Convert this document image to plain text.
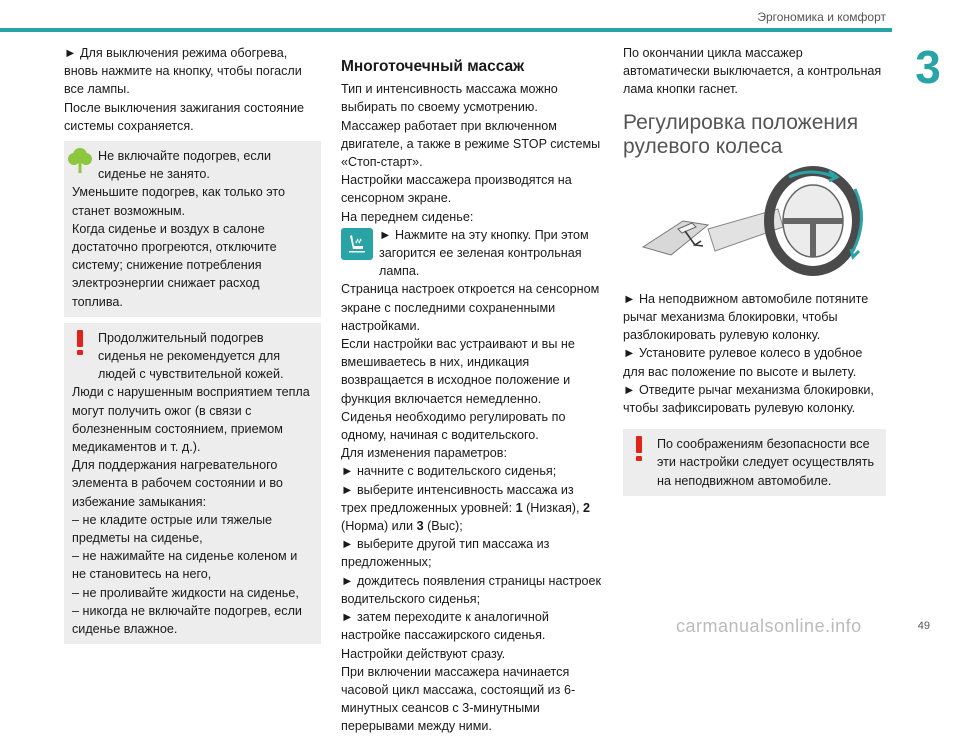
Эргономика и комфорт
3

► Для выключения режима обогрева, вновь нажмите на кнопку, чтобы погасли все лампы.

После выключения зажигания состояние системы сохраняется.

Не включайте подогрев, если сиденье не занято.

Уменьшите подогрев, как только это станет возможным.

Когда сиденье и воздух в салоне достаточно прогреются, отключите систему; снижение потребления электроэнергии снижает расход топлива.

Продолжительный подогрев сиденья не рекомендуется для людей с чувствительной кожей.

Люди с нарушенным восприятием тепла могут получить ожог (в связи с болезненным состоянием, приемом медикаментов и т. д.).

Для поддержания нагревательного элемента в рабочем состоянии и во избежание замыкания:

– не кладите острые или тяжелые предметы на сиденье,

– не нажимайте на сиденье коленом и не становитесь на него,

– не проливайте жидкости на сиденье,

– никогда не включайте подогрев, если сиденье влажное.

Многоточечный массаж

Тип и интенсивность массажа можно выбирать по своему усмотрению.

Массажер работает при включенном двигателе, а также в режиме STOP системы «Стоп-старт».

Настройки массажера производятся на сенсорном экране.

На переднем сиденье:

► Нажмите на эту кнопку. При этом загорится ее зеленая контрольная лампа.

Страница настроек откроется на сенсорном экране с последними сохраненными настройками.

Если настройки вас устраивают и вы не вмешиваетесь в них, индикация возвращается в исходное положение и функция включается немедленно.

Сиденья необходимо регулировать по одному, начиная с водительского.

Для изменения параметров:

► начните с водительского сиденья;

► выберите интенсивность массажа из трех предложенных уровней: 1 (Низкая), 2 (Норма) или 3 (Выс);

► выберите другой тип массажа из предложенных;

► дождитесь появления страницы настроек водительского сиденья;

► затем переходите к аналогичной настройке пассажирского сиденья.

Настройки действуют сразу.

При включении массажера начинается часовой цикл массажа, состоящий из 6-минутных сеансов с 3-минутными перерывами между ними.

По окончании цикла массажер автоматически выключается, а контрольная лама кнопки гаснет.

Регулировка положения рулевого колеса

► На неподвижном автомобиле потяните рычаг механизма блокировки, чтобы разблокировать рулевую колонку.

► Установите рулевое колесо в удобное для вас положение по высоте и вылету.

► Отведите рычаг механизма блокировки, чтобы зафиксировать рулевую колонку.

По соображениям безопасности все эти настройки следует осуществлять на неподвижном автомобиле.

49
carmanualsonline.info
